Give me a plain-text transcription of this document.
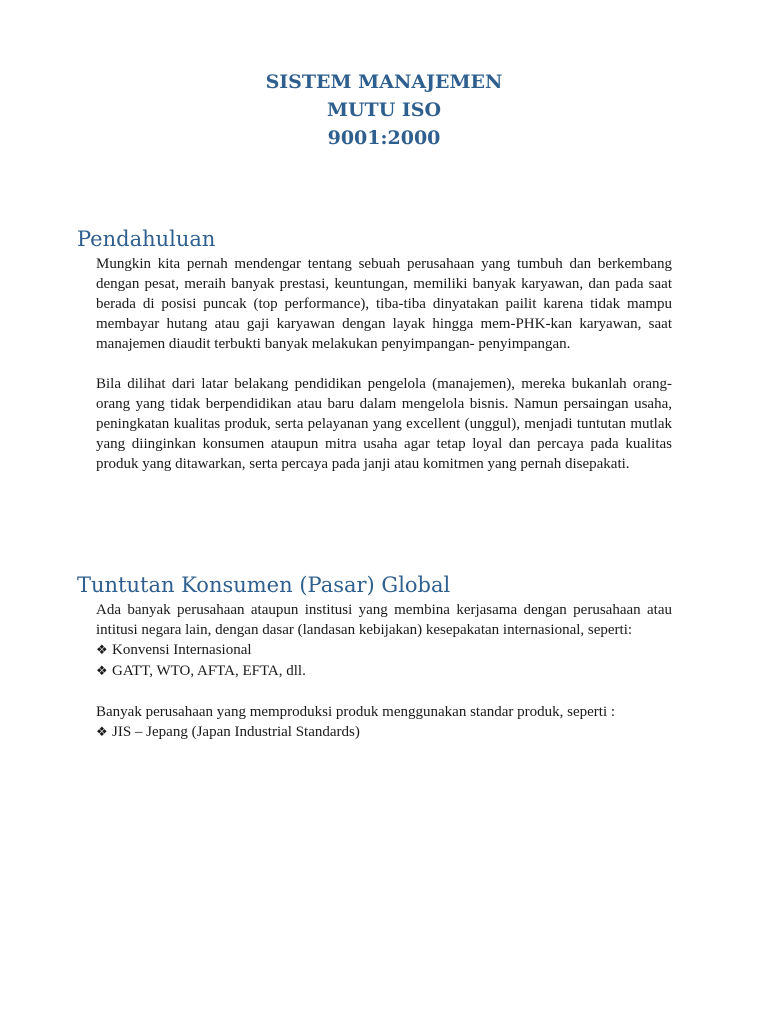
SISTEM MANAJEMEN
MUTU ISO
9001:2000
Pendahuluan

Mungkin kita pernah mendengar tentang sebuah perusahaan yang tumbuh dan berkembang dengan pesat, meraih banyak prestasi, keuntungan, memiliki banyak karyawan, dan pada saat berada di posisi puncak (top performance), tiba-tiba dinyatakan pailit karena tidak mampu membayar hutang atau gaji karyawan dengan layak hingga mem-PHK-kan karyawan, saat manajemen diaudit terbukti banyak melakukan penyimpangan- penyimpangan.

Bila dilihat dari latar belakang pendidikan pengelola (manajemen), mereka bukanlah orang-orang yang tidak berpendidikan atau baru dalam mengelola bisnis. Namun persaingan usaha, peningkatan kualitas produk, serta pelayanan yang excellent (unggul), menjadi tuntutan mutlak yang diinginkan konsumen ataupun mitra usaha agar tetap loyal dan percaya pada kualitas produk yang ditawarkan, serta percaya pada janji atau komitmen yang pernah disepakati.

Tuntutan Konsumen (Pasar) Global

Ada banyak perusahaan ataupun institusi yang membina kerjasama dengan perusahaan atau intitusi negara lain, dengan dasar (landasan kebijakan) kesepakatan internasional, seperti:

❖ Konvensi Internasional
❖ GATT, WTO, AFTA, EFTA, dll.

Banyak perusahaan yang memproduksi produk menggunakan standar produk, seperti :

❖ JIS – Jepang (Japan Industrial Standards)
